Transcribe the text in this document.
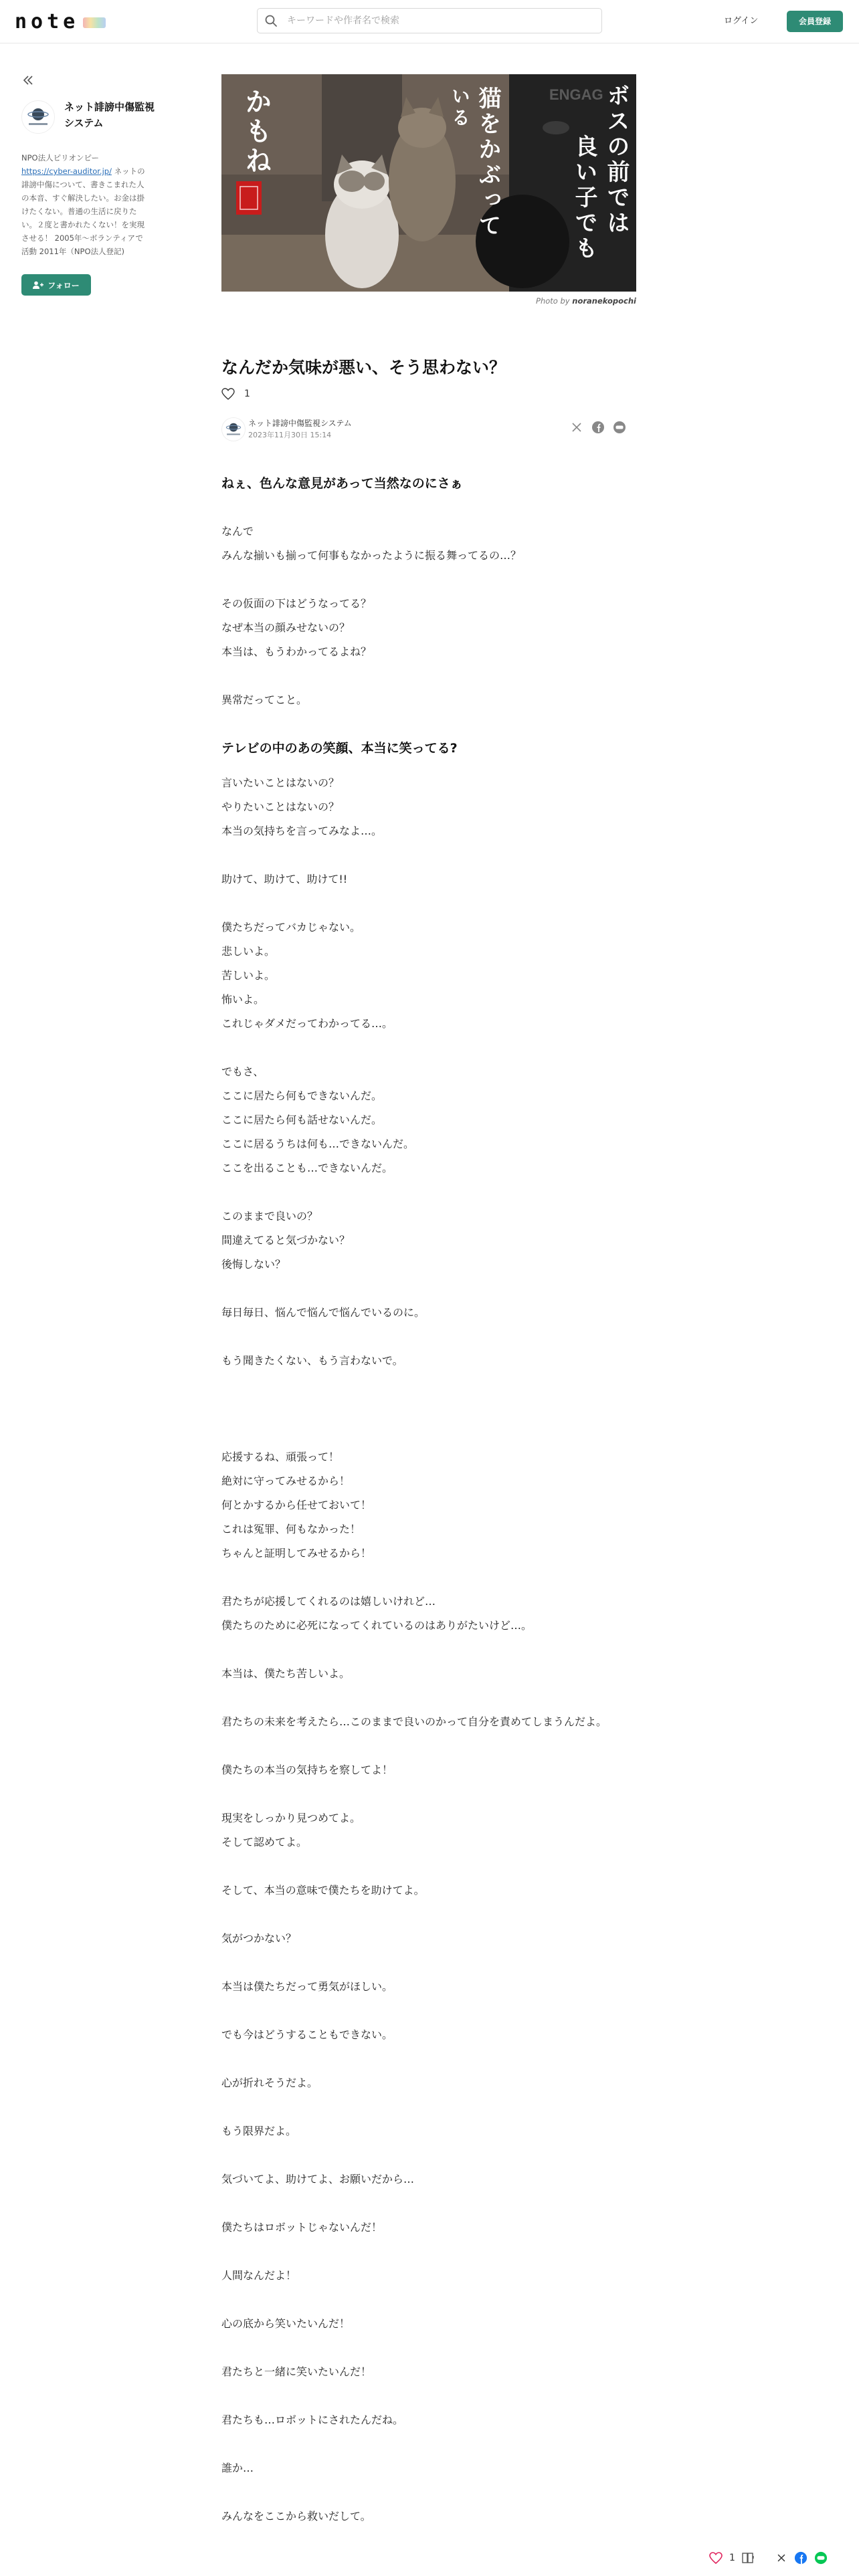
note
キーワードや作者名で検索	ログイン	会員登録
ネット誹謗中傷監視システム
NPO法人ピリオンピー
https://cyber-auditor.jp/ ネットの誹謗中傷について、書きこまれた人の本音、すぐ解決したい。お金は掛けたくない。普通の生活に戻りたい。２度と書かれたくない！を実現させる！ 2005年～ボランティアで活動 2011年（NPO法人登記)
フォロー
かもね	いる 猫をかぶって	良い子でも ボスの前では
ENGAG
Photo by noranekopochi
なんだか気味が悪い、そう思わない？
1
ネット誹謗中傷監視システム
2023年11月30日 15:14
ねぇ、色んな意見があって当然なのにさぁ

なんで

みんな揃いも揃って何事もなかったように振る舞ってるの…？

その仮面の下はどうなってる？

なぜ本当の顔みせないの？

本当は、もうわかってるよね？

異常だってこと。

テレビの中のあの笑顔、本当に笑ってる?

言いたいことはないの？

やりたいことはないの？

本当の気持ちを言ってみなよ…。

助けて、助けて、助けて!!

僕たちだってバカじゃない。

悲しいよ。

苦しいよ。

怖いよ。

これじゃダメだってわかってる…。

でもさ、

ここに居たら何もできないんだ。

ここに居たら何も話せないんだ。

ここに居るうちは何も…できないんだ。

ここを出ることも…できないんだ。

このままで良いの？

間違えてると気づかない？

後悔しない？

毎日毎日、悩んで悩んで悩んでいるのに。

もう聞きたくない、もう言わないで。

応援するね、頑張って！

絶対に守ってみせるから！

何とかするから任せておいて！

これは冤罪、何もなかった！

ちゃんと証明してみせるから！

君たちが応援してくれるのは嬉しいけれど…

僕たちのために必死になってくれているのはありがたいけど…。

本当は、僕たち苦しいよ。

君たちの未来を考えたら…このままで良いのかって自分を責めてしまうんだよ。

僕たちの本当の気持ちを察してよ！

現実をしっかり見つめてよ。

そして認めてよ。

そして、本当の意味で僕たちを助けてよ。

気がつかない？

本当は僕たちだって勇気がほしい。

でも今はどうすることもできない。

心が折れそうだよ。

もう限界だよ。

気づいてよ、助けてよ、お願いだから…

僕たちはロボットじゃないんだ！

人間なんだよ！

心の底から笑いたいんだ！

君たちと一緒に笑いたいんだ！

君たちも…ロボットにされたんだね。

誰か…

みんなをここから救いだして。

1
